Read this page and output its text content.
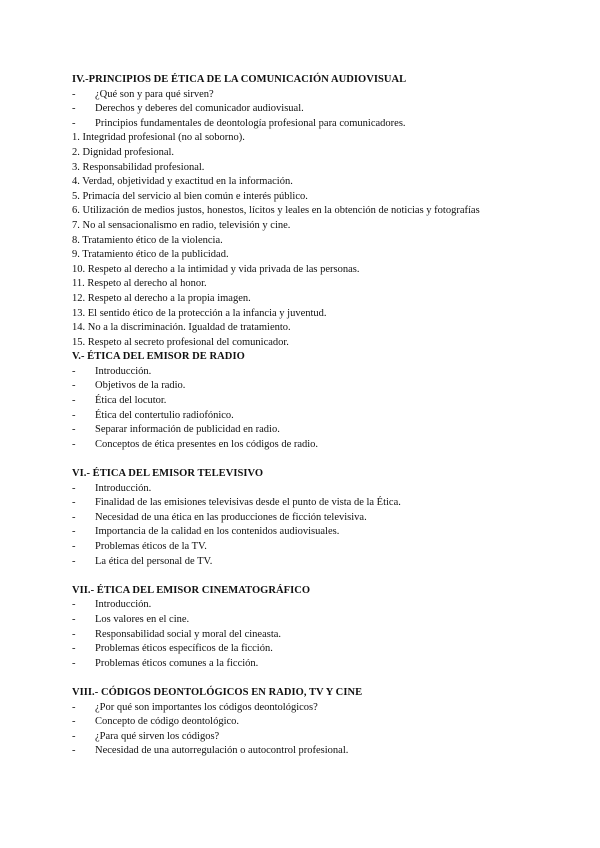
IV.-PRINCIPIOS DE ÉTICA DE LA COMUNICACIÓN AUDIOVISUAL

-	¿Qué son y para qué sirven?
-	Derechos y deberes del comunicador audiovisual.
-	Principios fundamentales de deontología profesional para comunicadores.
1. Integridad profesional (no al soborno).
2. Dignidad profesional.
3. Responsabilidad profesional.
4. Verdad, objetividad y exactitud en la información.
5. Primacía del servicio al bien común e interés público.
6. Utilización de medios justos, honestos, lícitos y leales en la obtención de noticias y fotografías
7. No al sensacionalismo en radio, televisión y cine.
8. Tratamiento ético de la violencia.
9. Tratamiento ético de la publicidad.
10. Respeto al derecho a la intimidad y vida privada de las personas.
11. Respeto al derecho al honor.
12. Respeto al derecho a la propia imagen.
13. El sentido ético de la protección a la infancia y juventud.
14. No a la discriminación. Igualdad de tratamiento.
15. Respeto al secreto profesional del comunicador.

V.- ÉTICA DEL EMISOR DE RADIO

-	Introducción.
-	Objetivos de la radio.
-	Ética del locutor.
-	Ética del contertulio radiofónico.
-	Separar información de publicidad en radio.
-	Conceptos de ética presentes en los códigos de radio.

VI.- ÉTICA DEL EMISOR TELEVISIVO

-	Introducción.
-	Finalidad de las emisiones televisivas desde el punto de vista de la Ética.
-	Necesidad de una ética en las producciones de ficción televisiva.
-	Importancia de la calidad en los contenidos audiovisuales.
-	Problemas éticos de la TV.
-	La ética del personal de TV.

VII.- ÉTICA DEL EMISOR CINEMATOGRÁFICO

-	Introducción.
-	Los valores en el cine.
-	Responsabilidad social y moral del cineasta.
-	Problemas éticos específicos de la ficción.
-	Problemas éticos comunes a la ficción.

VIII.- CÓDIGOS DEONTOLÓGICOS EN RADIO, TV Y CINE

-	¿Por qué son importantes los códigos deontológicos?
-	Concepto de código deontológico.
-	¿Para qué sirven los códigos?
-	Necesidad de una autorregulación o autocontrol profesional.
